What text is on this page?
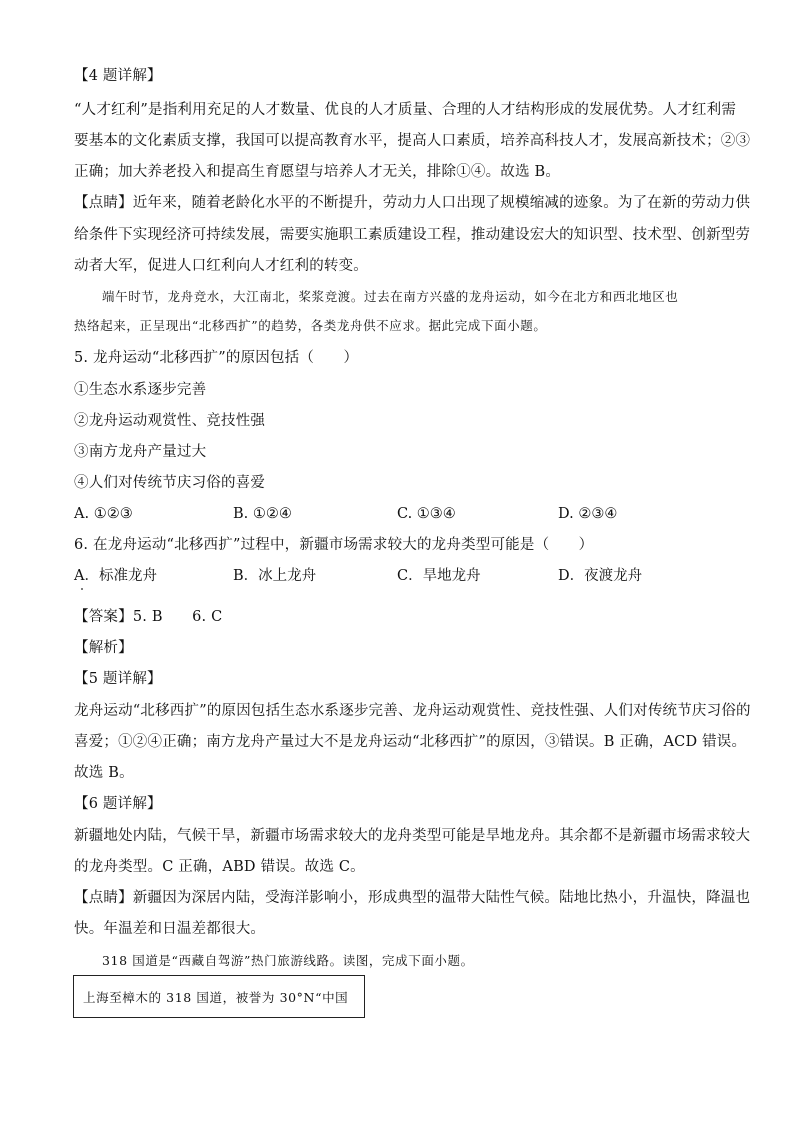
【4 题详解】
“人才红利”是指利用充足的人才数量、优良的人才质量、合理的人才结构形成的发展优势。人才红利需
要基本的文化素质支撑，我国可以提高教育水平，提高人口素质，培养高科技人才，发展高新技术；②③
正确；加大养老投入和提高生育愿望与培养人才无关，排除①④。故选 B。
【点睛】近年来，随着老龄化水平的不断提升，劳动力人口出现了规模缩减的迹象。为了在新的劳动力供
给条件下实现经济可持续发展，需要实施职工素质建设工程，推动建设宏大的知识型、技术型、创新型劳
动者大军，促进人口红利向人才红利的转变。
端午时节，龙舟竞水，大江南北，桨浆竞渡。过去在南方兴盛的龙舟运动，如今在北方和西北地区也
热络起来，正呈现出“北移西扩”的趋势，各类龙舟供不应求。据此完成下面小题。
5. 龙舟运动“北移西扩”的原因包括（　　）
①生态水系逐步完善
②龙舟运动观赏性、竞技性强
③南方龙舟产量过大
④人们对传统节庆习俗的喜爱
A. ①②③	B. ①②④	C. ①③④	D. ②③④
6. 在龙舟运动“北移西扩”过程中，新疆市场需求较大的龙舟类型可能是（　　）
A．标准龙舟	B．冰上龙舟	C．旱地龙舟	D．夜渡龙舟
【答案】5. B　　6. C
【解析】
【5 题详解】
龙舟运动“北移西扩”的原因包括生态水系逐步完善、龙舟运动观赏性、竞技性强、人们对传统节庆习俗的
喜爱；①②④正确；南方龙舟产量过大不是龙舟运动“北移西扩”的原因，③错误。B 正确，ACD 错误。
故选 B。
【6 题详解】
新疆地处内陆，气候干旱，新疆市场需求较大的龙舟类型可能是旱地龙舟。其余都不是新疆市场需求较大
的龙舟类型。C 正确，ABD 错误。故选 C。
【点睛】新疆因为深居内陆，受海洋影响小，形成典型的温带大陆性气候。陆地比热小，升温快，降温也
快。年温差和日温差都很大。
318 国道是“西藏自驾游”热门旅游线路。读图，完成下面小题。
上海至樟木的 318 国道，被誉为 30°N“中国
